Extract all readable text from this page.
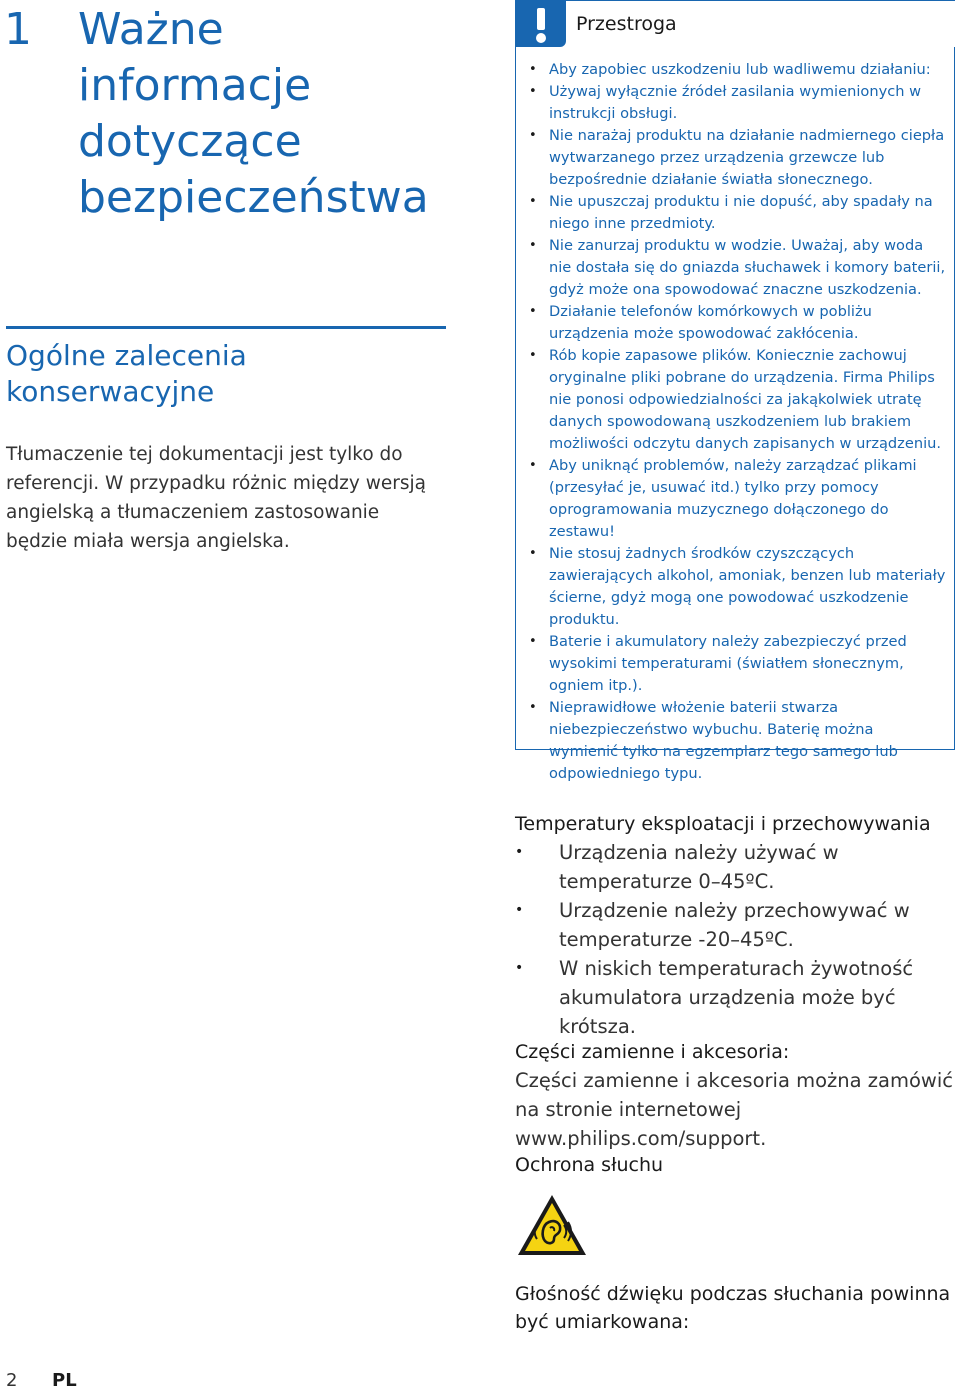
1 Ważne informacje dotyczące bezpieczeństwa
Ogólne zalecenia konserwacyjne

Tłumaczenie tej dokumentacji jest tylko do referencji. W przypadku różnic między wersją angielską a tłumaczeniem zastosowanie będzie miała wersja angielska.

Przestroga
• Aby zapobiec uszkodzeniu lub wadliwemu działaniu:
• Używaj wyłącznie źródeł zasilania wymienionych w instrukcji obsługi.
• Nie narażaj produktu na działanie nadmiernego ciepła wytwarzanego przez urządzenia grzewcze lub bezpośrednie działanie światła słonecznego.
• Nie upuszczaj produktu i nie dopuść, aby spadały na niego inne przedmioty.
• Nie zanurzaj produktu w wodzie. Uważaj, aby woda nie dostała się do gniazda słuchawek i komory baterii, gdyż może ona spowodować znaczne uszkodzenia.
• Działanie telefonów komórkowych w pobliżu urządzenia może spowodować zakłócenia.
• Rób kopie zapasowe plików. Koniecznie zachowuj oryginalne pliki pobrane do urządzenia. Firma Philips nie ponosi odpowiedzialności za jakąkolwiek utratę danych spowodowaną uszkodzeniem lub brakiem możliwości odczytu danych zapisanych w urządzeniu.
• Aby uniknąć problemów, należy zarządzać plikami (przesyłać je, usuwać itd.) tylko przy pomocy oprogramowania muzycznego dołączonego do zestawu!
• Nie stosuj żadnych środków czyszczących zawierających alkohol, amoniak, benzen lub materiały ścierne, gdyż mogą one powodować uszkodzenie produktu.
• Baterie i akumulatory należy zabezpieczyć przed wysokimi temperaturami (światłem słonecznym, ogniem itp.).
• Nieprawidłowe włożenie baterii stwarza niebezpieczeństwo wybuchu. Baterię można wymienić tylko na egzemplarz tego samego lub odpowiedniego typu.
Temperatury eksploatacji i przechowywania
• Urządzenia należy używać w temperaturze 0–45ºC.
• Urządzenie należy przechowywać w temperaturze -20–45ºC.
• W niskich temperaturach żywotność akumulatora urządzenia może być krótsza.
Części zamienne i akcesoria:

Części zamienne i akcesoria można zamówić na stronie internetowej www.philips.com/support.

Ochrona słuchu

Głośność dźwięku podczas słuchania powinna być umiarkowana:

2 PL
